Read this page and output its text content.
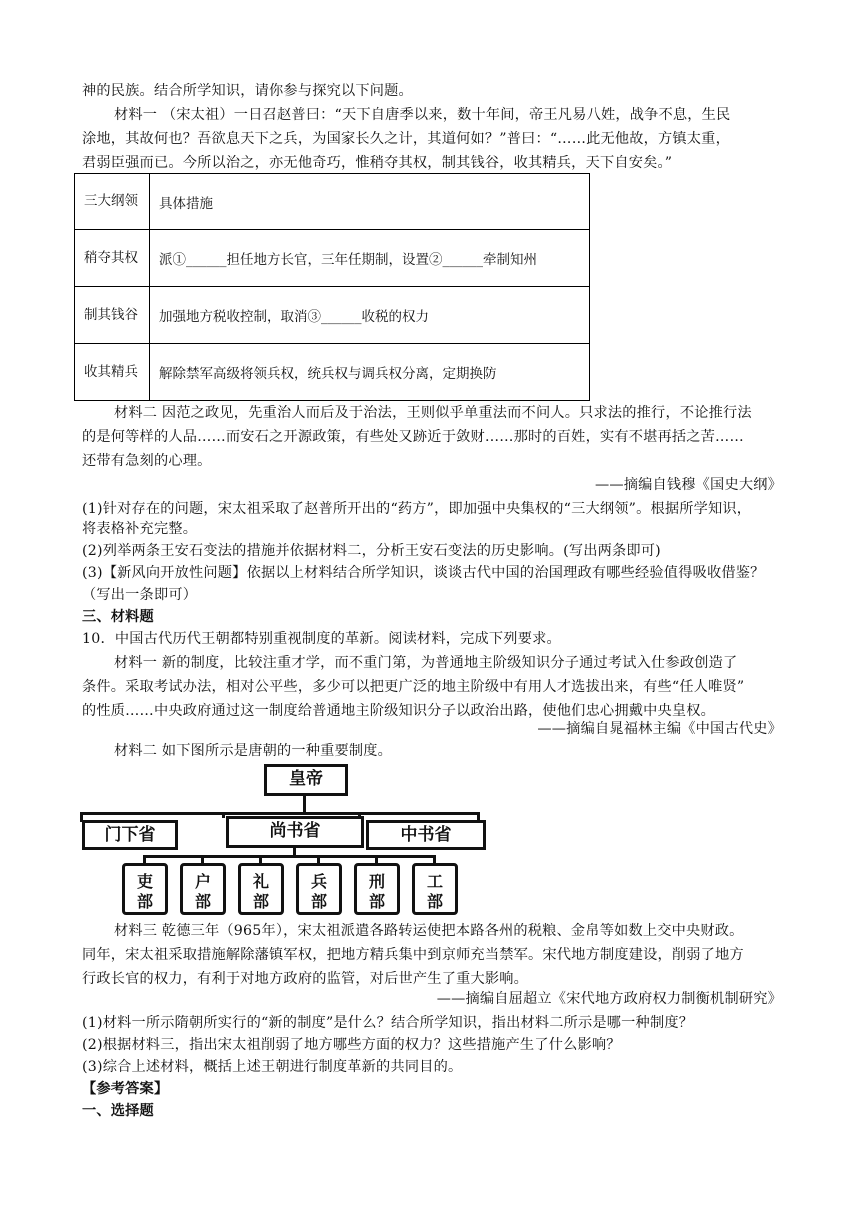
神的民族。结合所学知识，请你参与探究以下问题。
材料一 （宋太祖）一日召赵普曰：“天下自唐季以来，数十年间，帝王凡易八姓，战争不息，生民
涂地，其故何也？吾欲息天下之兵，为国家长久之计，其道何如？”普曰：“……此无他故，方镇太重，
君弱臣强而已。今所以治之，亦无他奇巧，惟稍夺其权，制其钱谷，收其精兵，天下自安矣。”
三大纲领	具体措施
稍夺其权	派①______担任地方长官，三年任期制，设置②______牵制知州
制其钱谷	加强地方税收控制，取消③______收税的权力
收其精兵	解除禁军高级将领兵权，统兵权与调兵权分离，定期换防
材料二 因范之政见，先重治人而后及于治法，王则似乎单重法而不问人。只求法的推行，不论推行法
的是何等样的人品……而安石之开源政策，有些处又跡近于敛财……那时的百姓，实有不堪再括之苦……
还带有急刻的心理。
——摘编自钱穆《国史大纲》
(1)针对存在的问题，宋太祖采取了赵普所开出的“药方”，即加强中央集权的“三大纲领”。根据所学知识，
将表格补充完整。
(2)列举两条王安石变法的措施并依据材料二，分析王安石变法的历史影响。(写出两条即可)
(3)【新风向开放性问题】依据以上材料结合所学知识，谈谈古代中国的治国理政有哪些经验值得吸收借鉴？
（写出一条即可）
三、材料题
10．中国古代历代王朝都特别重视制度的革新。阅读材料，完成下列要求。
材料一 新的制度，比较注重才学，而不重门第，为普通地主阶级知识分子通过考试入仕参政创造了
条件。采取考试办法，相对公平些，多少可以把更广泛的地主阶级中有用人才选拔出来，有些“任人唯贤”
的性质……中央政府通过这一制度给普通地主阶级知识分子以政治出路，使他们忠心拥戴中央皇权。
——摘编自晁福林主编《中国古代史》
材料二 如下图所示是唐朝的一种重要制度。
皇帝
门下省	尚书省	中书省
吏
部
户
部
礼
部
兵
部
刑
部
工
部
材料三 乾德三年（965年），宋太祖派遣各路转运使把本路各州的税粮、金帛等如数上交中央财政。
同年，宋太祖采取措施解除藩镇军权，把地方精兵集中到京师充当禁军。宋代地方制度建设，削弱了地方
行政长官的权力，有利于对地方政府的监管，对后世产生了重大影响。
——摘编自屈超立《宋代地方政府权力制衡机制研究》
(1)材料一所示隋朝所实行的“新的制度”是什么？结合所学知识，指出材料二所示是哪一种制度？
(2)根据材料三，指出宋太祖削弱了地方哪些方面的权力？这些措施产生了什么影响？
(3)综合上述材料，概括上述王朝进行制度革新的共同目的。
【参考答案】
一、选择题
